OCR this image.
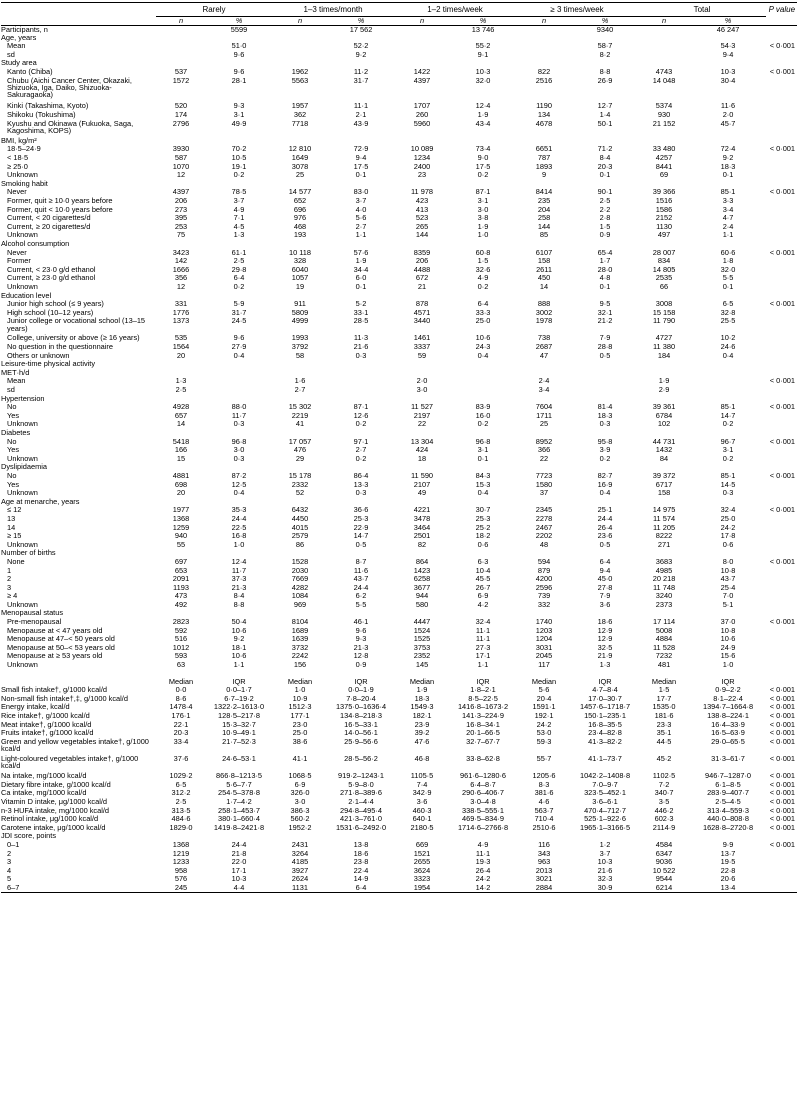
	Rarely		1–3 times/month		1–2 times/week		≥ 3 times/week		Total		P value
	n	%	n	%	n	%	n	%	n	%	
Participants, n		5599		17 562		13 746		9340		46 247	
Age, years											
Mean		51·0		52·2		55·2		58·7		54·3	< 0·001
sd		9·6		9·2		9·1		8·2		9·4	
Study area											
Kanto (Chiba)	537	9·6	1962	11·2	1422	10·3	822	8·8	4743	10·3	< 0·001
Chubu (Aichi Cancer Center, Okazaki, Shizuoka, Iga, Daiko, Shizuoka-Sakuragaoka)	1572	28·1	5563	31·7	4397	32·0	2516	26·9	14 048	30·4	
Kinki (Takashima, Kyoto)	520	9·3	1957	11·1	1707	12·4	1190	12·7	5374	11·6	
Shikoku (Tokushima)	174	3·1	362	2·1	260	1·9	134	1·4	930	2·0	
Kyushu and Okinawa (Fukuoka, Saga, Kagoshima, KOPS)	2796	49·9	7718	43·9	5960	43·4	4678	50·1	21 152	45·7	
BMI, kg/m²											
18·5–24·9	3930	70·2	12 810	72·9	10 089	73·4	6651	71·2	33 480	72·4	< 0·001
< 18·5	587	10·5	1649	9·4	1234	9·0	787	8·4	4257	9·2	
≥ 25·0	1070	19·1	3078	17·5	2400	17·5	1893	20·3	8441	18·3	
Unknown	12	0·2	25	0·1	23	0·2	9	0·1	69	0·1	
Smoking habit											
Never	4397	78·5	14 577	83·0	11 978	87·1	8414	90·1	39 366	85·1	< 0·001
Former, quit ≥ 10·0 years before	206	3·7	652	3·7	423	3·1	235	2·5	1516	3·3	
Former, quit < 10·0 years before	273	4·9	696	4·0	413	3·0	204	2·2	1586	3·4	
Current, < 20 cigarettes/d	395	7·1	976	5·6	523	3·8	258	2·8	2152	4·7	
Current, ≥ 20 cigarettes/d	253	4·5	468	2·7	265	1·9	144	1·5	1130	2·4	
Unknown	75	1·3	193	1·1	144	1·0	85	0·9	497	1·1	
Alcohol consumption											
Never	3423	61·1	10 118	57·6	8359	60·8	6107	65·4	28 007	60·6	< 0·001
Former	142	2·5	328	1·9	206	1·5	158	1·7	834	1·8	
Current, < 23·0 g/d ethanol	1666	29·8	6040	34·4	4488	32·6	2611	28·0	14 805	32·0	
Current, ≥ 23·0 g/d ethanol	356	6·4	1057	6·0	672	4·9	450	4·8	2535	5·5	
Unknown	12	0·2	19	0·1	21	0·2	14	0·1	66	0·1	
Education level											
Junior high school (≤ 9 years)	331	5·9	911	5·2	878	6·4	888	9·5	3008	6·5	< 0·001
High school (10–12 years)	1776	31·7	5809	33·1	4571	33·3	3002	32·1	15 158	32·8	
Junior college or vocational school (13–15 years)	1373	24·5	4999	28·5	3440	25·0	1978	21·2	11 790	25·5	
College, university or above (≥ 16 years)	535	9·6	1993	11·3	1461	10·6	738	7·9	4727	10·2	
No question in the questionnaire	1564	27·9	3792	21·6	3337	24·3	2687	28·8	11 380	24·6	
Others or unknown	20	0·4	58	0·3	59	0·4	47	0·5	184	0·4	
Leisure-time physical activity											
MET·h/d											
Mean	1·3		1·6		2·0		2·4		1·9		< 0·001
sd	2·5		2·7		3·0		3·4		2·9		
Hypertension											
No	4928	88·0	15 302	87·1	11 527	83·9	7604	81·4	39 361	85·1	< 0·001
Yes	657	11·7	2219	12·6	2197	16·0	1711	18·3	6784	14·7	
Unknown	14	0·3	41	0·2	22	0·2	25	0·3	102	0·2	
Diabetes											
No	5418	96·8	17 057	97·1	13 304	96·8	8952	95·8	44 731	96·7	< 0·001
Yes	166	3·0	476	2·7	424	3·1	366	3·9	1432	3·1	
Unknown	15	0·3	29	0·2	18	0·1	22	0·2	84	0·2	
Dyslipidaemia											
No	4881	87·2	15 178	86·4	11 590	84·3	7723	82·7	39 372	85·1	< 0·001
Yes	698	12·5	2332	13·3	2107	15·3	1580	16·9	6717	14·5	
Unknown	20	0·4	52	0·3	49	0·4	37	0·4	158	0·3	
Age at menarche, years											
≤ 12	1977	35·3	6432	36·6	4221	30·7	2345	25·1	14 975	32·4	< 0·001
13	1368	24·4	4450	25·3	3478	25·3	2278	24·4	11 574	25·0	
14	1259	22·5	4015	22·9	3464	25·2	2467	26·4	11 205	24·2	
≥ 15	940	16·8	2579	14·7	2501	18·2	2202	23·6	8222	17·8	
Unknown	55	1·0	86	0·5	82	0·6	48	0·5	271	0·6	
Number of births											
None	697	12·4	1528	8·7	864	6·3	594	6·4	3683	8·0	< 0·001
1	653	11·7	2030	11·6	1423	10·4	879	9·4	4985	10·8	
2	2091	37·3	7669	43·7	6258	45·5	4200	45·0	20 218	43·7	
3	1193	21·3	4282	24·4	3677	26·7	2596	27·8	11 748	25·4	
≥ 4	473	8·4	1084	6·2	944	6·9	739	7·9	3240	7·0	
Unknown	492	8·8	969	5·5	580	4·2	332	3·6	2373	5·1	
Menopausal status											
Pre-menopausal	2823	50·4	8104	46·1	4447	32·4	1740	18·6	17 114	37·0	< 0·001
Menopause at < 47 years old	592	10·6	1689	9·6	1524	11·1	1203	12·9	5008	10·8	
Menopause at 47–< 50 years old	516	9·2	1639	9·3	1525	11·1	1204	12·9	4884	10·6	
Menopause at 50–< 53 years old	1012	18·1	3732	21·3	3753	27·3	3031	32·5	11 528	24·9	
Menopause at ≥ 53 years old	593	10·6	2242	12·8	2352	17·1	2045	21·9	7232	15·6	
Unknown	63	1·1	156	0·9	145	1·1	117	1·3	481	1·0	

	Median	IQR	Median	IQR	Median	IQR	Median	IQR	Median	IQR	
Small fish intake†, g/1000 kcal/d	0·0	0·0–1·7	1·0	0·0–1·9	1·9	1·8–2·1	5·6	4·7–8·4	1·5	0·9–2·2	< 0·001
Non-small fish intake†,‡, g/1000 kcal/d	8·6	6·7–19·2	10·9	7·8–20·4	18·3	8·5–22·5	20·4	17·0–30·7	17·7	8·1–22·4	< 0·001
Energy intake, kcal/d	1478·4	1322·2–1613·0	1512·3	1375·0–1636·4	1549·3	1416·8–1673·2	1591·1	1457·6–1718·7	1535·0	1394·7–1664·8	< 0·001
Rice intake†, g/1000 kcal/d	176·1	128·5–217·8	177·1	134·8–218·3	182·1	141·3–224·9	192·1	150·1–235·1	181·6	138·8–224·1	< 0·001
Meat intake†, g/1000 kcal/d	22·1	15·3–32·7	23·0	16·5–33·1	23·9	16·8–34·1	24·2	16·8–35·5	23·3	16·4–33·9	< 0·001
Fruits intake†, g/1000 kcal/d	20·3	10·9–49·1	25·0	14·0–56·1	39·2	20·1–66·5	53·0	23·4–82·8	35·1	16·5–63·9	< 0·001
Green and yellow vegetables intake†, g/1000 kcal/d	33·4	21·7–52·3	38·6	25·9–56·6	47·6	32·7–67·7	59·3	41·3–82·2	44·5	29·0–65·5	< 0·001
Light-coloured vegetables intake†, g/1000 kcal/d	37·6	24·6–53·1	41·1	28·5–56·2	46·8	33·8–62·8	55·7	41·1–73·7	45·2	31·3–61·7	< 0·001
Na intake, mg/1000 kcal/d	1029·2	866·8–1213·5	1068·5	919·2–1243·1	1105·5	961·6–1280·6	1205·6	1042·2–1408·8	1102·5	946·7–1287·0	< 0·001
Dietary fibre intake, g/1000 kcal/d	6·5	5·6–7·7	6·9	5·9–8·0	7·4	6·4–8·7	8·3	7·0–9·7	7·2	6·1–8·5	< 0·001
Ca intake, mg/1000 kcal/d	312·2	254·5–378·8	326·0	271·8–389·6	342·9	290·6–406·7	381·6	323·5–452·1	340·7	283·9–407·7	< 0·001
Vitamin D intake, μg/1000 kcal/d	2·5	1·7–4·2	3·0	2·1–4·4	3·6	3·0–4·8	4·6	3·6–6·1	3·5	2·5–4·5	< 0·001
n-3 HUFA intake, mg/1000 kcal/d	313·5	258·1–453·7	386·3	294·8–495·4	460·3	338·5–555·1	563·7	470·4–712·7	446·2	313·4–559·3	< 0·001
Retinol intake, μg/1000 kcal/d	484·6	380·1–660·4	560·2	421·3–761·0	640·1	469·5–834·9	710·4	525·1–922·6	602·3	440·0–808·8	< 0·001
Carotene intake, μg/1000 kcal/d	1829·0	1419·8–2421·8	1952·2	1531·6–2492·0	2180·5	1714·6–2766·8	2510·6	1965·1–3166·5	2114·9	1628·8–2720·8	< 0·001
JDI score, points											
0–1	1368	24·4	2431	13·8	669	4·9	116	1·2	4584	9·9	< 0·001
2	1219	21·8	3264	18·6	1521	11·1	343	3·7	6347	13·7	
3	1233	22·0	4185	23·8	2655	19·3	963	10·3	9036	19·5	
4	958	17·1	3927	22·4	3624	26·4	2013	21·6	10 522	22·8	
5	576	10·3	2624	14·9	3323	24·2	3021	32·3	9544	20·6	
6–7	245	4·4	1131	6·4	1954	14·2	2884	30·9	6214	13·4	
